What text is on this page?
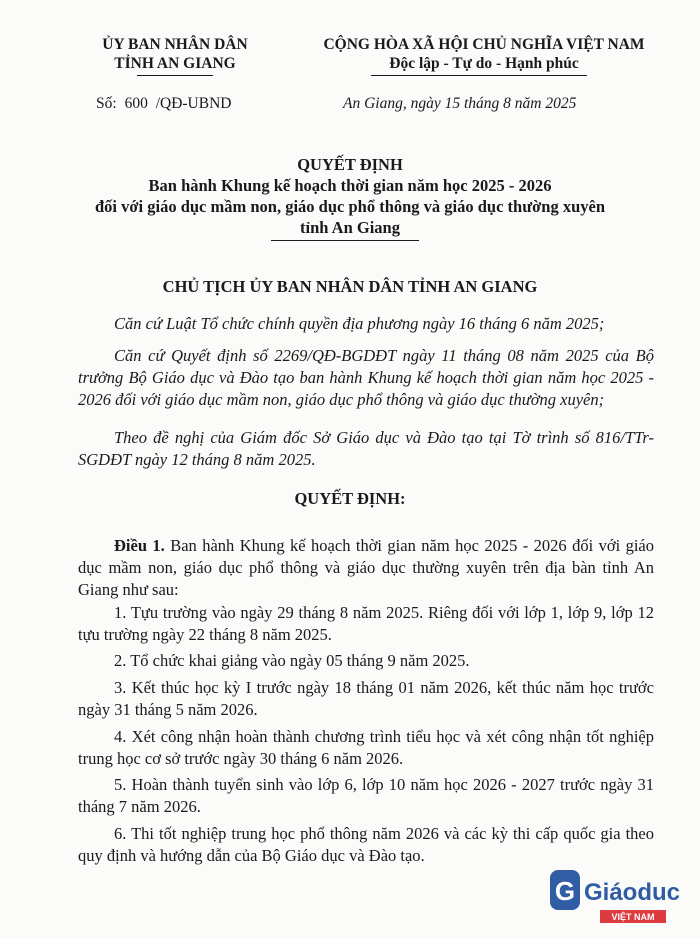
ỦY BAN NHÂN DÂN
TỈNH AN GIANG
Số: 600 /QĐ-UBND
CỘNG HÒA XÃ HỘI CHỦ NGHĨA VIỆT NAM
Độc lập - Tự do - Hạnh phúc
An Giang, ngày 15 tháng 8 năm 2025
QUYẾT ĐỊNH
Ban hành Khung kế hoạch thời gian năm học 2025 - 2026
đối với giáo dục mầm non, giáo dục phổ thông và giáo dục thường xuyên
tỉnh An Giang
CHỦ TỊCH ỦY BAN NHÂN DÂN TỈNH AN GIANG
Căn cứ Luật Tổ chức chính quyền địa phương ngày 16 tháng 6 năm 2025;
Căn cứ Quyết định số 2269/QĐ-BGDĐT ngày 11 tháng 08 năm 2025 của Bộ trưởng Bộ Giáo dục và Đào tạo ban hành Khung kế hoạch thời gian năm học 2025 - 2026 đối với giáo dục mầm non, giáo dục phổ thông và giáo dục thường xuyên;
Theo đề nghị của Giám đốc Sở Giáo dục và Đào tạo tại Tờ trình số 816/TTr-SGDĐT ngày 12 tháng 8 năm 2025.
QUYẾT ĐỊNH:
Điều 1. Ban hành Khung kế hoạch thời gian năm học 2025 - 2026 đối với giáo dục mầm non, giáo dục phổ thông và giáo dục thường xuyên trên địa bàn tỉnh An Giang như sau:
1. Tựu trường vào ngày 29 tháng 8 năm 2025. Riêng đối với lớp 1, lớp 9, lớp 12 tựu trường ngày 22 tháng 8 năm 2025.
2. Tổ chức khai giảng vào ngày 05 tháng 9 năm 2025.
3. Kết thúc học kỳ I trước ngày 18 tháng 01 năm 2026, kết thúc năm học trước ngày 31 tháng 5 năm 2026.
4. Xét công nhận hoàn thành chương trình tiểu học và xét công nhận tốt nghiệp trung học cơ sở trước ngày 30 tháng 6 năm 2026.
5. Hoàn thành tuyển sinh vào lớp 6, lớp 10 năm học 2026 - 2027 trước ngày 31 tháng 7 năm 2026.
6. Thi tốt nghiệp trung học phổ thông năm 2026 và các kỳ thi cấp quốc gia theo quy định và hướng dẫn của Bộ Giáo dục và Đào tạo.
G Giáoduc
VIỆT NAM
